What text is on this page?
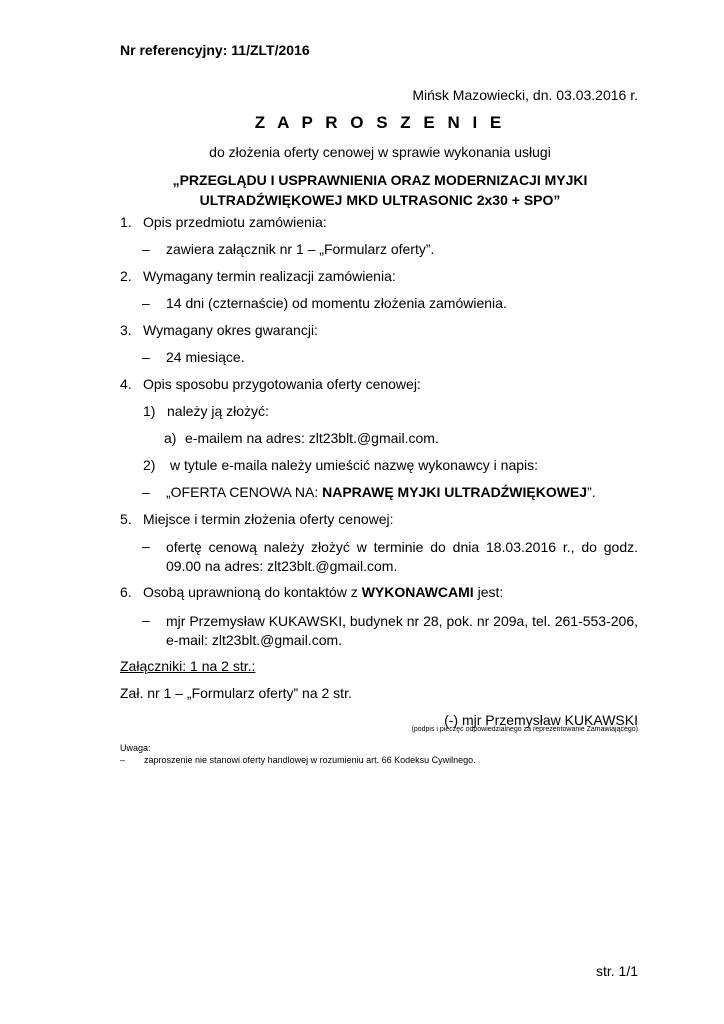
Nr referencyjny: 11/ZLT/2016
Mińsk Mazowiecki, dn. 03.03.2016 r.
Z A P R O S Z E N I E
do złożenia oferty cenowej w sprawie wykonania usługi
„PRZEGLĄDU I USPRAWNIENIA ORAZ MODERNIZACJI MYJKI
ULTRADŹWIĘKOWEJ MKD ULTRASONIC 2x30 + SPO”
1. Opis przedmiotu zamówienia:
– zawiera załącznik nr 1 – „Formularz oferty”.
2. Wymagany termin realizacji zamówienia:
– 14 dni (czternaście) od momentu złożenia zamówienia.
3. Wymagany okres gwarancji:
– 24 miesiące.
4. Opis sposobu przygotowania oferty cenowej:
1) należy ją złożyć:
a) e-mailem na adres: zlt23blt.@gmail.com.
2) w tytule e-maila należy umieścić nazwę wykonawcy i napis:
– „OFERTA CENOWA NA: NAPRAWĘ MYJKI ULTRADŹWIĘKOWEJ”.
5. Miejsce i termin złożenia oferty cenowej:
– ofertę cenową należy złożyć w terminie do dnia 18.03.2016 r., do godz. 09.00 na adres: zlt23blt.@gmail.com.
6. Osobą uprawnioną do kontaktów z WYKONAWCAMI jest:
– mjr Przemysław KUKAWSKI, budynek nr 28, pok. nr 209a, tel. 261-553-206, e-mail: zlt23blt.@gmail.com.
Załączniki: 1 na 2 str.:
Zał. nr 1 – „Formularz oferty” na 2 str.
(-) mjr Przemysław KUKAWSKI
(podpis i pieczęć odpowiedzialnego za reprezentowanie Zamawiającego)
Uwaga:
– zaproszenie nie stanowi oferty handlowej w rozumieniu art. 66 Kodeksu Cywilnego.
str. 1/1
